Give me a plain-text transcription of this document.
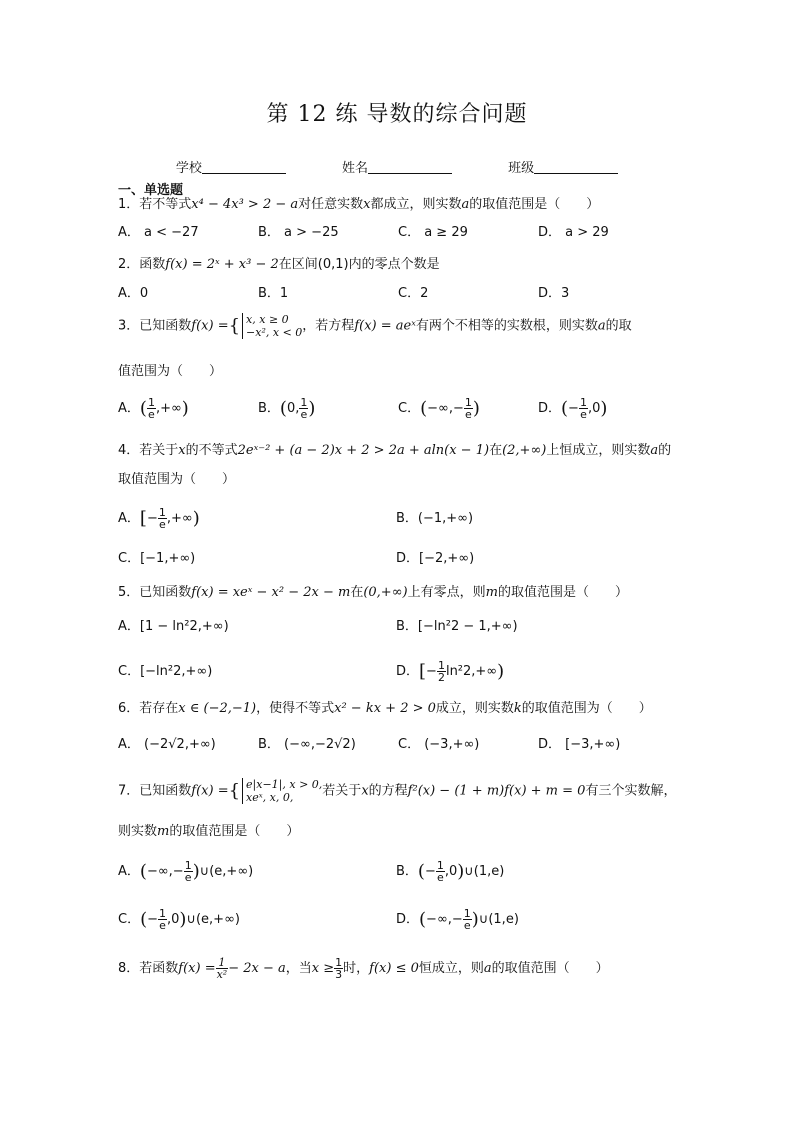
第 12 练 导数的综合问题
学校	姓名	班级
一、单选题
1．若不等式x⁴ − 4x³ > 2 − a对任意实数x都成立，则实数a的取值范围是（　　）
A． a < −27	B． a > −25	C． a ≥ 29	D． a > 29
2．函数f(x) = 2ˣ + x³ − 2在区间(0,1)内的零点个数是
A．0	B．1	C．2	D．3
3．已知函数f(x) ={ x, x ≥ 0
−x², x < 0，若方程f(x) = aeˣ有两个不相等的实数根，则实数a的取
值范围为（　　）
A．( $\frac{1}{e}$ ,+∞)	B．(0, $\frac{1}{e}$ )	C．(−∞,− $\frac{1}{e}$ )	D．(− $\frac{1}{e} ,0$)
4．若关于x的不等式2eˣ⁻² + (a − 2)x + 2 > 2a + aln(x − 1)在(2,+∞)上恒成立，则实数a的
取值范围为（　　）
A．[− $\frac{1}{e}$ ,+∞)	B．(−1,+∞)
C．[−1,+∞)	D．[−2,+∞)
5．已知函数f(x) = xeˣ − x² − 2x − m在(0,+∞)上有零点，则m的取值范围是（　　）
A．[1 − ln²2,+∞)	B．[−ln²2 − 1,+∞)
C．[−ln²2,+∞)	D．[− $\frac{1}{2} \ln^22,+\infty$)
6．若存在x ∈ (−2,−1)，使得不等式x² − kx + 2 > 0成立，则实数k的取值范围为（　　）
A． (−2√2,+∞)	B． (−∞,−2√2)	C． (−3,+∞)	D． [−3,+∞)
7．已知函数f(x) ={ e|x−1|, x > 0,
xeˣ, x, 0, 若关于x的方程f²(x) − (1 + m)f(x) + m = 0有三个实数解，
则实数m的取值范围是（　　）
A．(−∞,− $\frac{1}{e}$ )∪(e,+∞)	B．(− $\frac{1}{e}$ ,0)∪(1,e)
C．(− $\frac{1}{e}$ ,0)∪(e,+∞)	D．(−∞,− $\frac{1}{e}$ )∪(1,e)
8．若函数$f(x) = \frac{1}{\text{x²}} - 2x - a$，当$x \ge \frac{1}{3}$ 时，f(x) ≤ 0恒成立，则a的取值范围（　　）
